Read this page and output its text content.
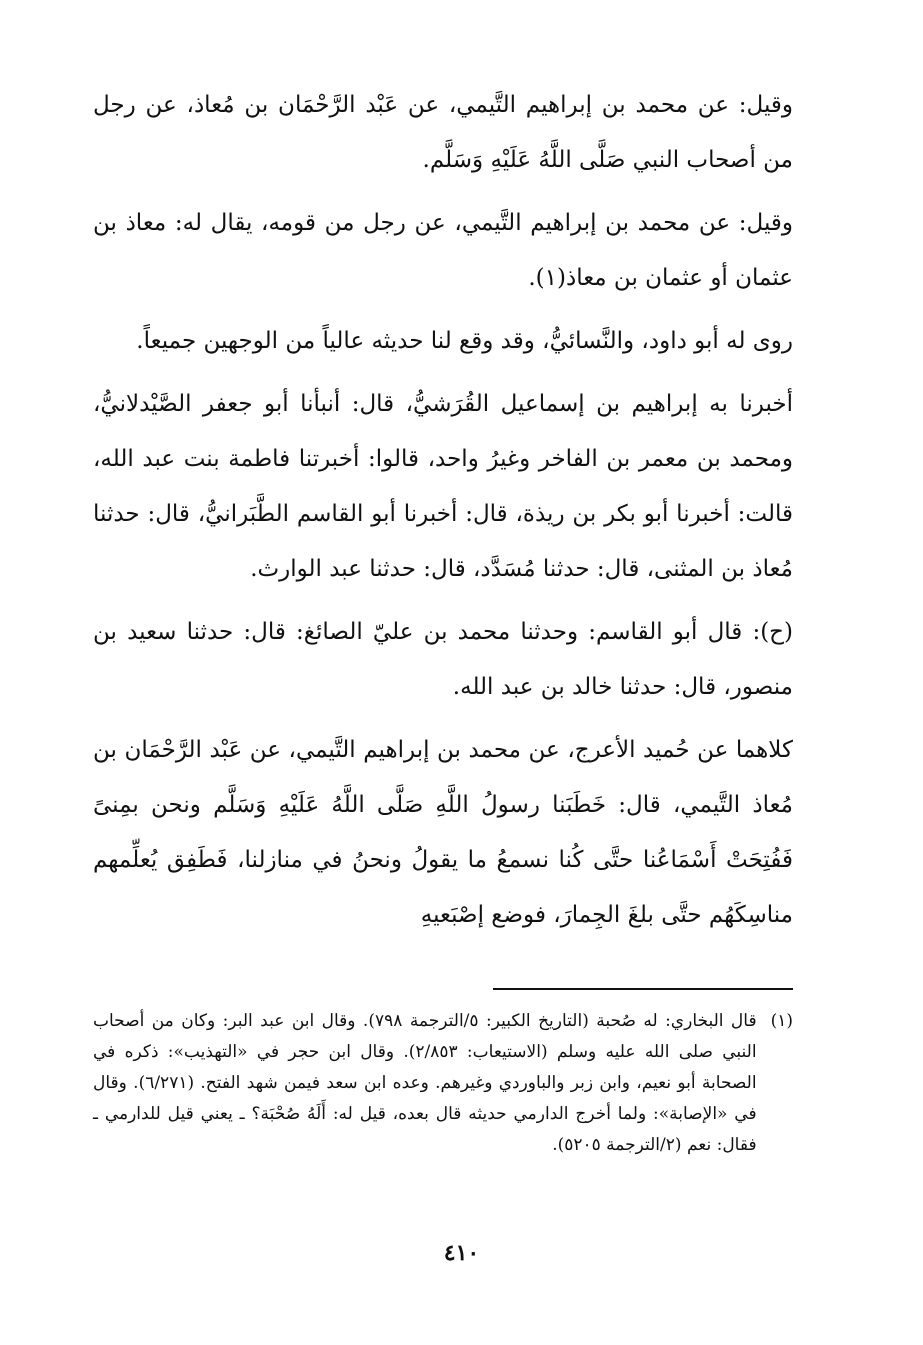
وقيل: عن محمد بن إبراهيم التَّيمي، عن عَبْد الرَّحْمَان بن مُعاذ، عن رجل من أصحاب النبي صَلَّى اللَّهُ عَلَيْهِ وَسَلَّم.

وقيل: عن محمد بن إبراهيم التَّيمي، عن رجل من قومه، يقال له: معاذ بن عثمان أو عثمان بن معاذ(١).

روى له أبو داود، والنَّسائيُّ، وقد وقع لنا حديثه عالياً من الوجهين جميعاً.

أخبرنا به إبراهيم بن إسماعيل القُرَشيُّ، قال: أنبأنا أبو جعفر الصَّيْدلانيُّ، ومحمد بن معمر بن الفاخر وغيرُ واحد، قالوا: أخبرتنا فاطمة بنت عبد الله، قالت: أخبرنا أبو بكر بن ريذة، قال: أخبرنا أبو القاسم الطَّبَرانيُّ، قال: حدثنا مُعاذ بن المثنى، قال: حدثنا مُسَدَّد، قال: حدثنا عبد الوارث.

(ح): قال أبو القاسم: وحدثنا محمد بن عليّ الصائغ: قال: حدثنا سعيد بن منصور، قال: حدثنا خالد بن عبد الله.

كلاهما عن حُميد الأعرج، عن محمد بن إبراهيم التَّيمي، عن عَبْد الرَّحْمَان بن مُعاذ التَّيمي، قال: خَطَبَنا رسولُ اللَّهِ صَلَّى اللَّهُ عَلَيْهِ وَسَلَّم ونحن بمِنىً فَفُتِحَتْ أَسْمَاعُنا حتَّى كُنا نسمعُ ما يقولُ ونحنُ في منازلنا، فَطَفِق يُعلِّمهم مناسِكَهُم حتَّى بلغَ الجِمارَ، فوضع إصْبَعيهِ

(١)
قال البخاري: له صُحبة (التاريخ الكبير: ٥/الترجمة ٧٩٨). وقال ابن عبد البر: وكان من أصحاب النبي صلى الله عليه وسلم (الاستيعاب: ٢/٨٥٣). وقال ابن حجر في «التهذيب»: ذكره في الصحابة أبو نعيم، وابن زبر والباوردي وغيرهم. وعده ابن سعد فيمن شهد الفتح. (٦/٢٧١). وقال في «الإصابة»: ولما أخرج الدارمي حديثه قال بعده، قيل له: أَلَهُ صُحْبَة؟ ـ يعني قيل للدارمي ـ فقال: نعم (٢/الترجمة ٥٢٠٥).
٤١٠
